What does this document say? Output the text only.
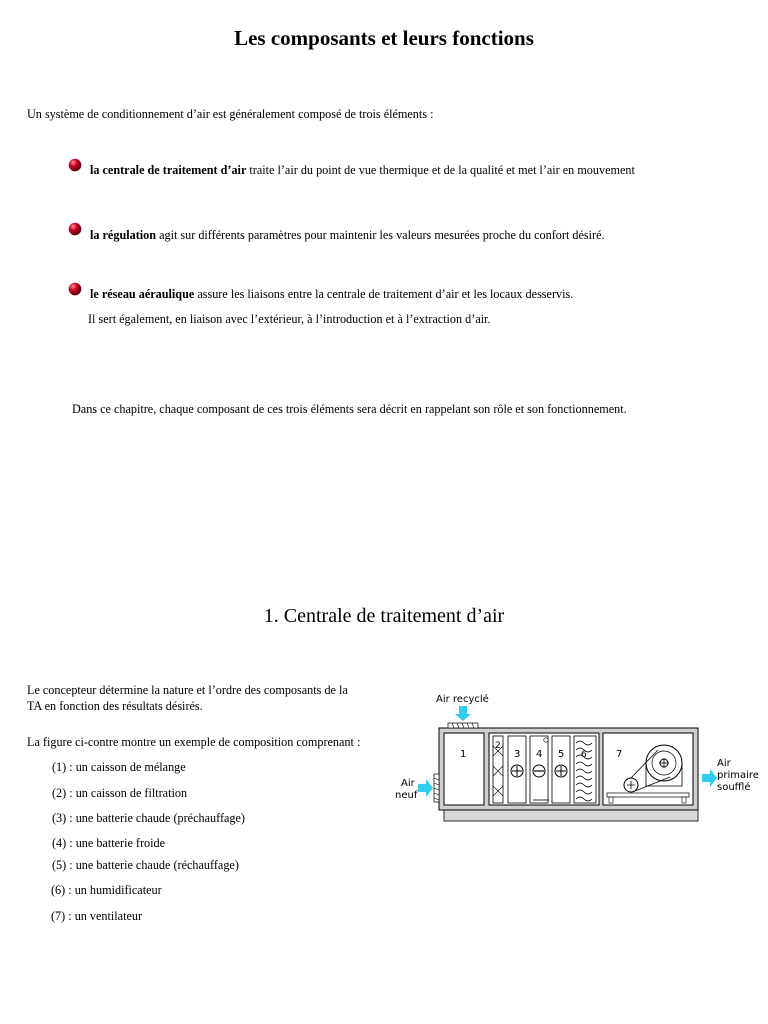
Les composants et leurs fonctions
Un système de conditionnement d’air est généralement composé de trois éléments :
la centrale de traitement d’air traite l’air du point de vue thermique et de la qualité et met l’air en mouvement
la régulation agit sur différents paramètres pour maintenir les valeurs mesurées proche du confort désiré.
le réseau aéraulique assure les liaisons entre la centrale de traitement d’air et les locaux desservis.
Il sert également, en liaison avec l’extérieur, à l’introduction et à l’extraction d’air.
Dans ce chapitre, chaque composant de ces trois éléments sera décrit en rappelant son rôle et son fonctionnement.
1. Centrale de traitement d’air
Le concepteur détermine la nature et l’ordre des composants de la
TA en fonction des résultats désirés.
La figure ci-contre montre un exemple de composition comprenant :
(1) : un caisson de mélange
(2) : un caisson de filtration
(3) : une batterie chaude (préchauffage)
(4) : une batterie froide
(5) : une batterie chaude (réchauffage)
(6) : un humidificateur
(7) : un ventilateur
1
2
3 4 5 6	7
Air recyclé
Air
neuf
Air
primaire
soufflé
